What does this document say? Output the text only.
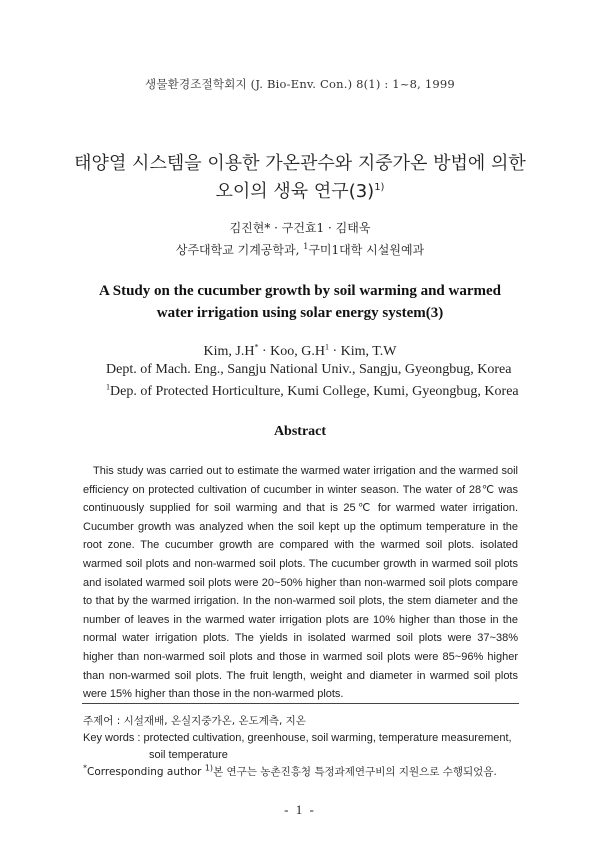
생물환경조절학회지 (J. Bio-Env. Con.) 8(1) : 1~8, 1999
태양열 시스템을 이용한 가온관수와 지중가온 방법에 의한
오이의 생육 연구$(3)^{1)}$
김진현* · 구건효1 · 김태욱
상주대학교 기계공학과, $^1$구미1대학 시설원예과
A Study on the cucumber growth by soil warming and warmed
water irrigation using solar energy system(3)
Kim, J.H* · Koo, $G.H^1$ · Kim, T.W
Dept. of Mach. Eng., Sangju National Univ., Sangju, Gyeongbug, Korea
$^1$Dep. of Protected Horticulture, Kumi College, Kumi, Gyeongbug, Korea
Abstract
This study was carried out to estimate the warmed water irrigation and the warmed soil efficiency on protected cultivation of cucumber in winter season. The water of 28℃ was continuously supplied for soil warming and that is 25℃ for warmed water irrigation. Cucumber growth was analyzed when the soil kept up the optimum temperature in the root zone. The cucumber growth are compared with the warmed soil plots. isolated warmed soil plots and non-warmed soil plots. The cucumber growth in warmed soil plots and isolated warmed soil plots were 20~50% higher than non-warmed soil plots compare to that by the warmed irrigation. In the non-warmed soil plots, the stem diameter and the number of leaves in the warmed water irrigation plots are 10% higher than those in the normal water irrigation plots. The yields in isolated warmed soil plots were 37~38% higher than non-warmed soil plots and those in warmed soil plots were 85~96% higher than non-warmed soil plots. The fruit length, weight and diameter in warmed soil plots were 15% higher than those in the non-warmed plots.
주제어 : 시설재배, 온실지중가온, 온도계측, 지온
Key words : protected cultivation, greenhouse, soil warming, temperature measurement,
soil temperature
*Corresponding author $^{1)}$본 연구는 농촌진흥청 특정과제연구비의 지원으로 수행되었음.
- 1 -
